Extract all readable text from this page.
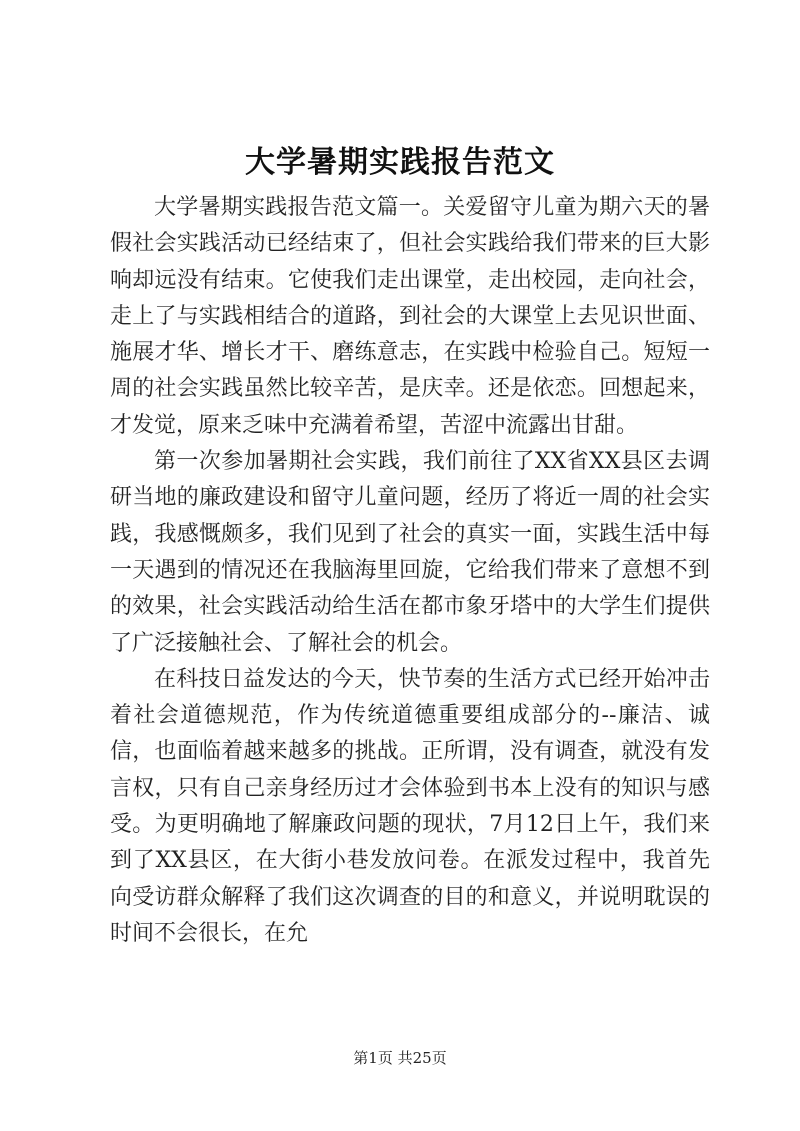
大学暑期实践报告范文

大学暑期实践报告范文篇一。关爱留守儿童为期六天的暑假社会实践活动已经结束了，但社会实践给我们带来的巨大影响却远没有结束。它使我们走出课堂，走出校园，走向社会，走上了与实践相结合的道路，到社会的大课堂上去见识世面、施展才华、增长才干、磨练意志，在实践中检验自己。短短一周的社会实践虽然比较辛苦，是庆幸。还是依恋。回想起来，才发觉，原来乏味中充满着希望，苦涩中流露出甘甜。

第一次参加暑期社会实践，我们前往了XX省XX县区去调研当地的廉政建设和留守儿童问题，经历了将近一周的社会实践，我感慨颇多，我们见到了社会的真实一面，实践生活中每一天遇到的情况还在我脑海里回旋，它给我们带来了意想不到的效果，社会实践活动给生活在都市象牙塔中的大学生们提供了广泛接触社会、了解社会的机会。

在科技日益发达的今天，快节奏的生活方式已经开始冲击着社会道德规范，作为传统道德重要组成部分的--廉洁、诚信，也面临着越来越多的挑战。正所谓，没有调查，就没有发言权，只有自己亲身经历过才会体验到书本上没有的知识与感受。为更明确地了解廉政问题的现状，7月12日上午，我们来到了XX县区，在大街小巷发放问卷。在派发过程中，我首先向受访群众解释了我们这次调查的目的和意义，并说明耽误的时间不会很长，在允

第1页 共25页
